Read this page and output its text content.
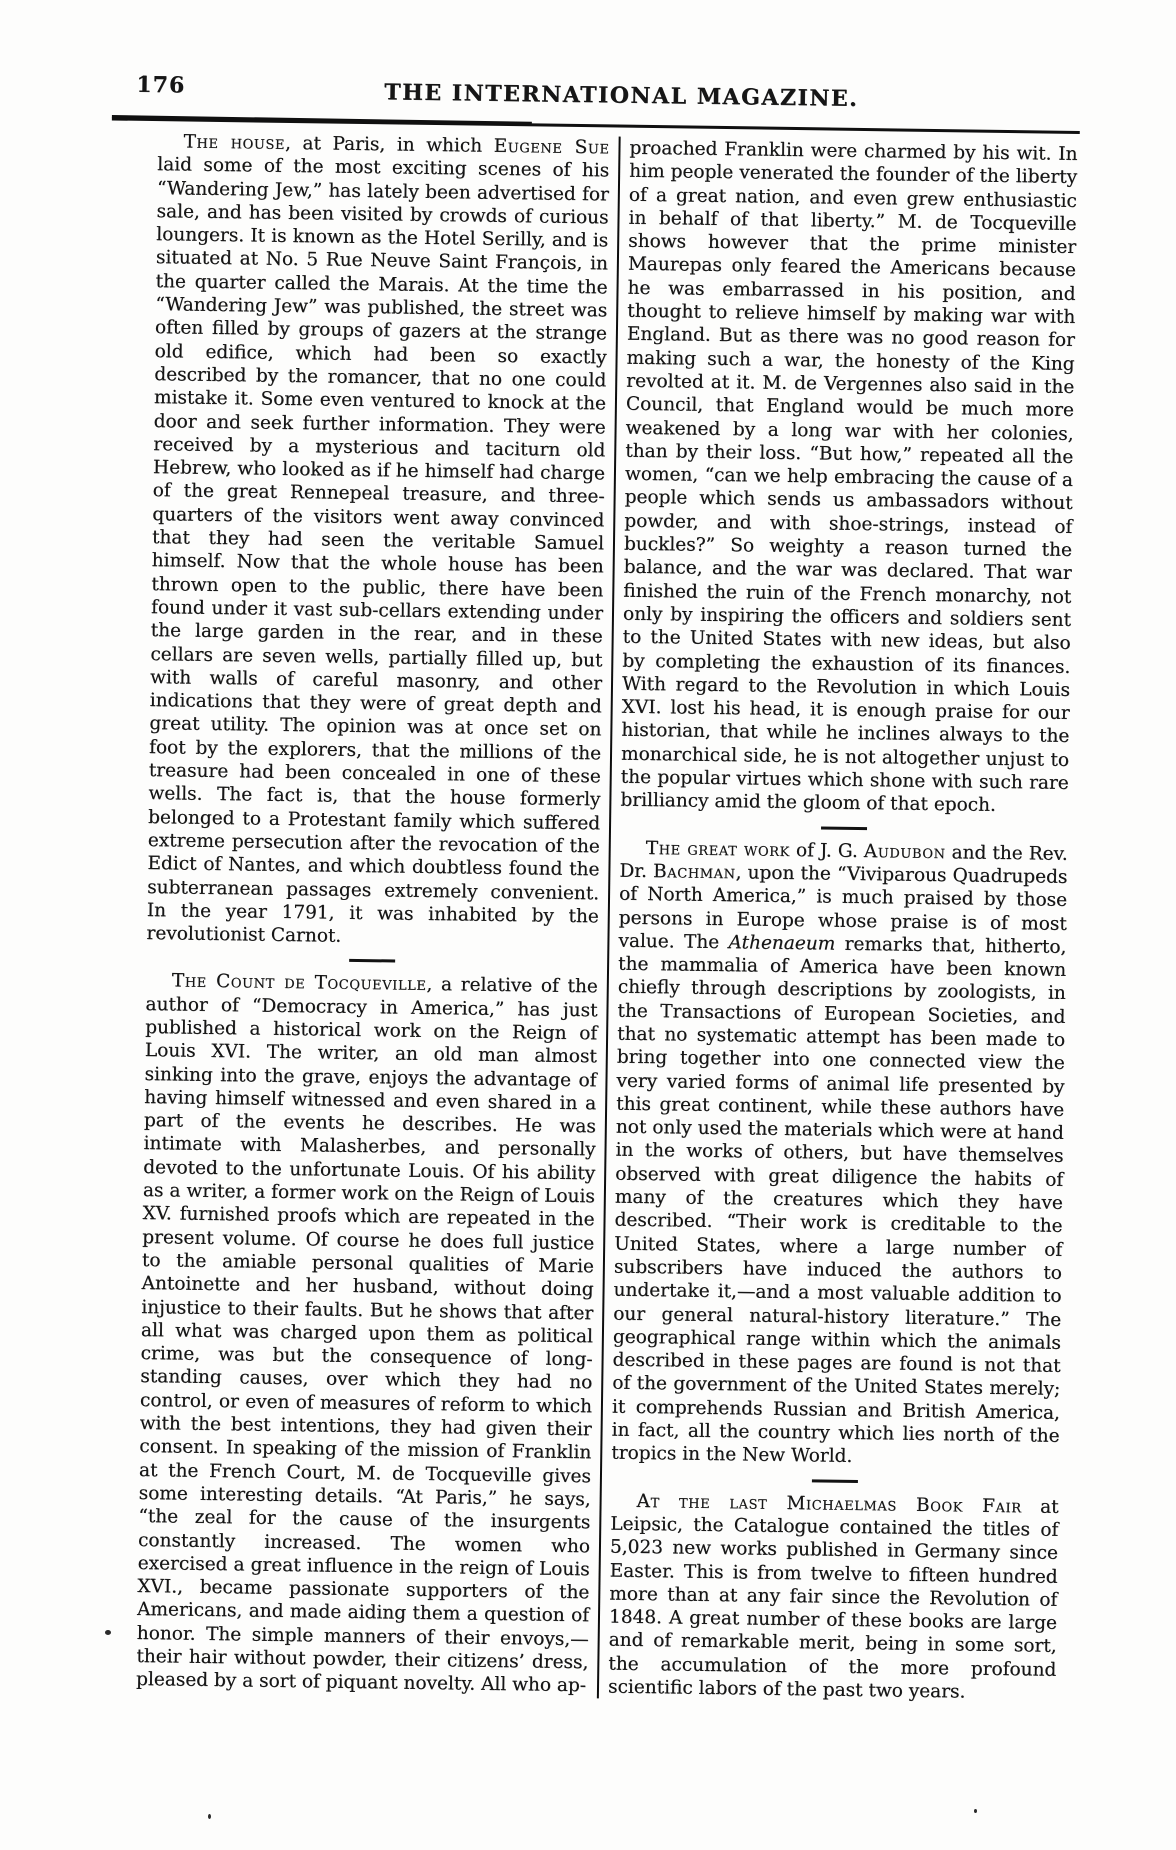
176	THE INTERNATIONAL MAGAZINE.

The house, at Paris, in which Eugene Sue laid some of the most exciting scenes of his “Wandering Jew,” has lately been advertised for sale, and has been visited by crowds of curious loungers. It is known as the Hotel Serilly, and is situated at No. 5 Rue Neuve Saint François, in the quarter called the Marais. At the time the “Wandering Jew” was published, the street was often filled by groups of gazers at the strange old edifice, which had been so exactly described by the romancer, that no one could mistake it. Some even ventured to knock at the door and seek further information. They were received by a mysterious and taciturn old Hebrew, who looked as if he himself had charge of the great Rennepeal treasure, and three-quarters of the visitors went away convinced that they had seen the veritable Samuel himself. Now that the whole house has been thrown open to the public, there have been found under it vast sub-cellars extending under the large garden in the rear, and in these cellars are seven wells, partially filled up, but with walls of careful masonry, and other indications that they were of great depth and great utility. The opinion was at once set on foot by the explorers, that the millions of the treasure had been concealed in one of these wells. The fact is, that the house formerly belonged to a Protestant family which suffered extreme persecution after the revocation of the Edict of Nantes, and which doubtless found the subterranean passages extremely convenient. In the year 1791, it was inhabited by the revolutionist Carnot.

The Count de Tocqueville, a relative of the author of “Democracy in America,” has just published a historical work on the Reign of Louis XVI. The writer, an old man almost sinking into the grave, enjoys the advantage of having himself witnessed and even shared in a part of the events he describes. He was intimate with Malasherbes, and personally devoted to the unfortunate Louis. Of his ability as a writer, a former work on the Reign of Louis XV. furnished proofs which are repeated in the present volume. Of course he does full justice to the amiable personal qualities of Marie Antoinette and her husband, without doing injustice to their faults. But he shows that after all what was charged upon them as political crime, was but the consequence of long-standing causes, over which they had no control, or even of measures of reform to which with the best intentions, they had given their consent. In speaking of the mission of Franklin at the French Court, M. de Tocqueville gives some interesting details. “At Paris,” he says, “the zeal for the cause of the insurgents constantly increased. The women who exercised a great influence in the reign of Louis XVI., became passionate supporters of the Americans, and made aiding them a question of honor. The simple manners of their envoys,—their hair without powder, their citizens’ dress, pleased by a sort of piquant novelty. All who ap-

proached Franklin were charmed by his wit. In him people venerated the founder of the liberty of a great nation, and even grew enthusiastic in behalf of that liberty.” M. de Tocqueville shows however that the prime minister Maurepas only feared the Americans because he was embarrassed in his position, and thought to relieve himself by making war with England. But as there was no good reason for making such a war, the honesty of the King revolted at it. M. de Vergennes also said in the Council, that England would be much more weakened by a long war with her colonies, than by their loss. “But how,” repeated all the women, “can we help embracing the cause of a people which sends us ambassadors without powder, and with shoe-strings, instead of buckles?” So weighty a reason turned the balance, and the war was declared. That war finished the ruin of the French monarchy, not only by inspiring the officers and soldiers sent to the United States with new ideas, but also by completing the exhaustion of its finances. With regard to the Revolution in which Louis XVI. lost his head, it is enough praise for our historian, that while he inclines always to the monarchical side, he is not altogether unjust to the popular virtues which shone with such rare brilliancy amid the gloom of that epoch.

The great work of J. G. Audubon and the Rev. Dr. Bachman, upon the “Viviparous Quadrupeds of North America,” is much praised by those persons in Europe whose praise is of most value. The Athenaeum remarks that, hitherto, the mammalia of America have been known chiefly through descriptions by zoologists, in the Transactions of European Societies, and that no systematic attempt has been made to bring together into one connected view the very varied forms of animal life presented by this great continent, while these authors have not only used the materials which were at hand in the works of others, but have themselves observed with great diligence the habits of many of the creatures which they have described. “Their work is creditable to the United States, where a large number of subscribers have induced the authors to undertake it,—and a most valuable addition to our general natural-history literature.” The geographical range within which the animals described in these pages are found is not that of the government of the United States merely; it comprehends Russian and British America, in fact, all the country which lies north of the tropics in the New World.

At the last Michaelmas Book Fair at Leipsic, the Catalogue contained the titles of 5,023 new works published in Germany since Easter. This is from twelve to fifteen hundred more than at any fair since the Revolution of 1848. A great number of these books are large and of remarkable merit, being in some sort, the accumulation of the more profound scientific labors of the past two years.
